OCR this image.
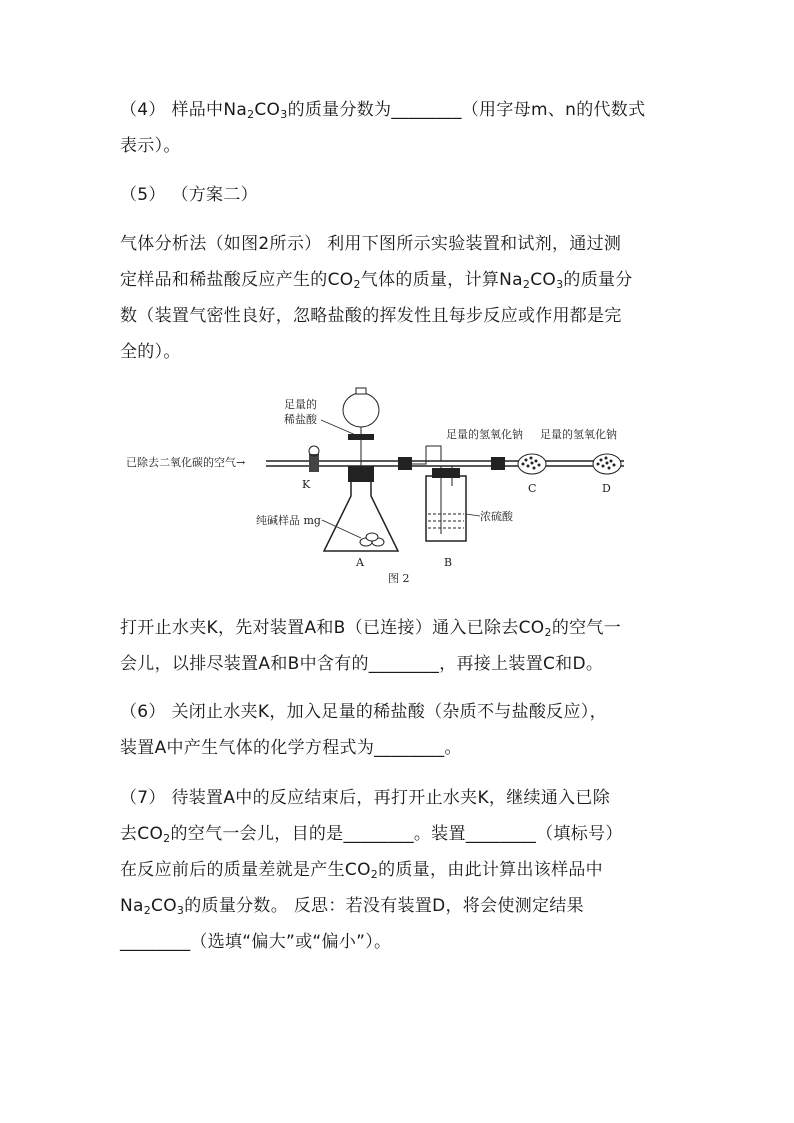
（4） 样品中$Na_2CO_3$的质量分数为________（用字母m、n的代数式
表示）。
（5） （方案二）
气体分析法（如图2所示） 利用下图所示实验装置和试剂，通过测
定样品和稀盐酸反应产生的$CO_2$气体的质量，计算$Na_2CO_3$的质量分
数（装置气密性良好，忽略盐酸的挥发性且每步反应或作用都是完
全的）。
足量的
稀盐酸
已除去二氧化碳的空气→
K
纯碱样品 mg
A	B
浓硫酸
足量的氢氧化钠 足量的氢氧化钠
C	D
图 2
打开止水夹K，先对装置A和B（已连接）通入已除去$CO_2$的空气一
会儿，以排尽装置A和B中含有的________，再接上装置C和D。
（6） 关闭止水夹K，加入足量的稀盐酸（杂质不与盐酸反应），
装置A中产生气体的化学方程式为________。
（7） 待装置A中的反应结束后，再打开止水夹K，继续通入已除
去$CO_2$的空气一会儿，目的是________。装置________（填标号）
在反应前后的质量差就是产生$CO_2$的质量，由此计算出该样品中
$Na_2CO_3$的质量分数。 反思：若没有装置D，将会使测定结果
________（选填“偏大”或“偏小”）。
